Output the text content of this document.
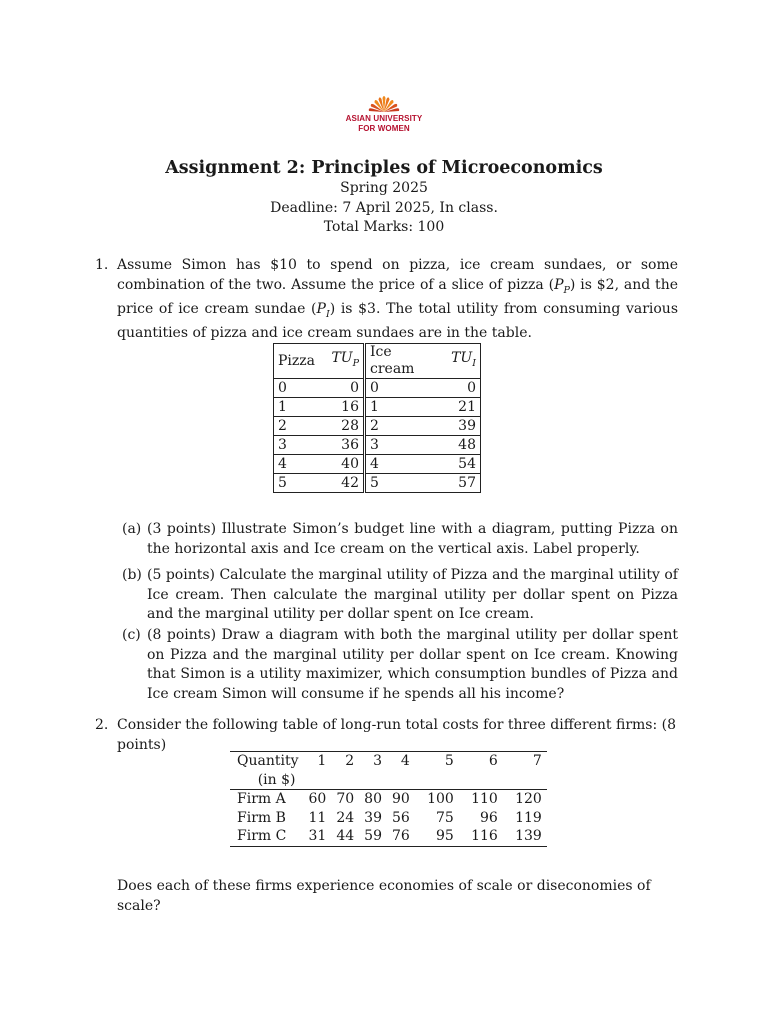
ASIAN UNIVERSITY
FOR WOMEN
Assignment 2: Principles of Microeconomics
Spring 2025
Deadline: 7 April 2025, In class.
Total Marks: 100
1. Assume Simon has $10 to spend on pizza, ice cream sundaes, or some combination of the two. Assume the price of a slice of pizza $(P_P)$ is $2, and the price of ice cream sundae $(P_I)$ is $3. The total utility from consuming various quantities of pizza and ice cream sundaes are in the table.
Pizza	$TU_P$	Ice cream	$TU_I$
0	0	0	0
1	16	1	21
2	28	2	39
3	36	3	48
4	40	4	54
5	42	5	57
(a) (3 points) Illustrate Simon’s budget line with a diagram, putting Pizza on the horizontal axis and Ice cream on the vertical axis. Label properly.
(b) (5 points) Calculate the marginal utility of Pizza and the marginal utility of Ice cream. Then calculate the marginal utility per dollar spent on Pizza and the marginal utility per dollar spent on Ice cream.
(c) (8 points) Draw a diagram with both the marginal utility per dollar spent on Pizza and the marginal utility per dollar spent on Ice cream. Knowing that Simon is a utility maximizer, which consumption bundles of Pizza and Ice cream Simon will consume if he spends all his income?
2. Consider the following table of long-run total costs for three different firms: (8 points)
Quantity	1	2	3	4	5	6	7
(in $)							
Firm A	60	70	80	90	100	110	120
Firm B	11	24	39	56	75	96	119
Firm C	31	44	59	76	95	116	139
Does each of these firms experience economies of scale or diseconomies of scale?
